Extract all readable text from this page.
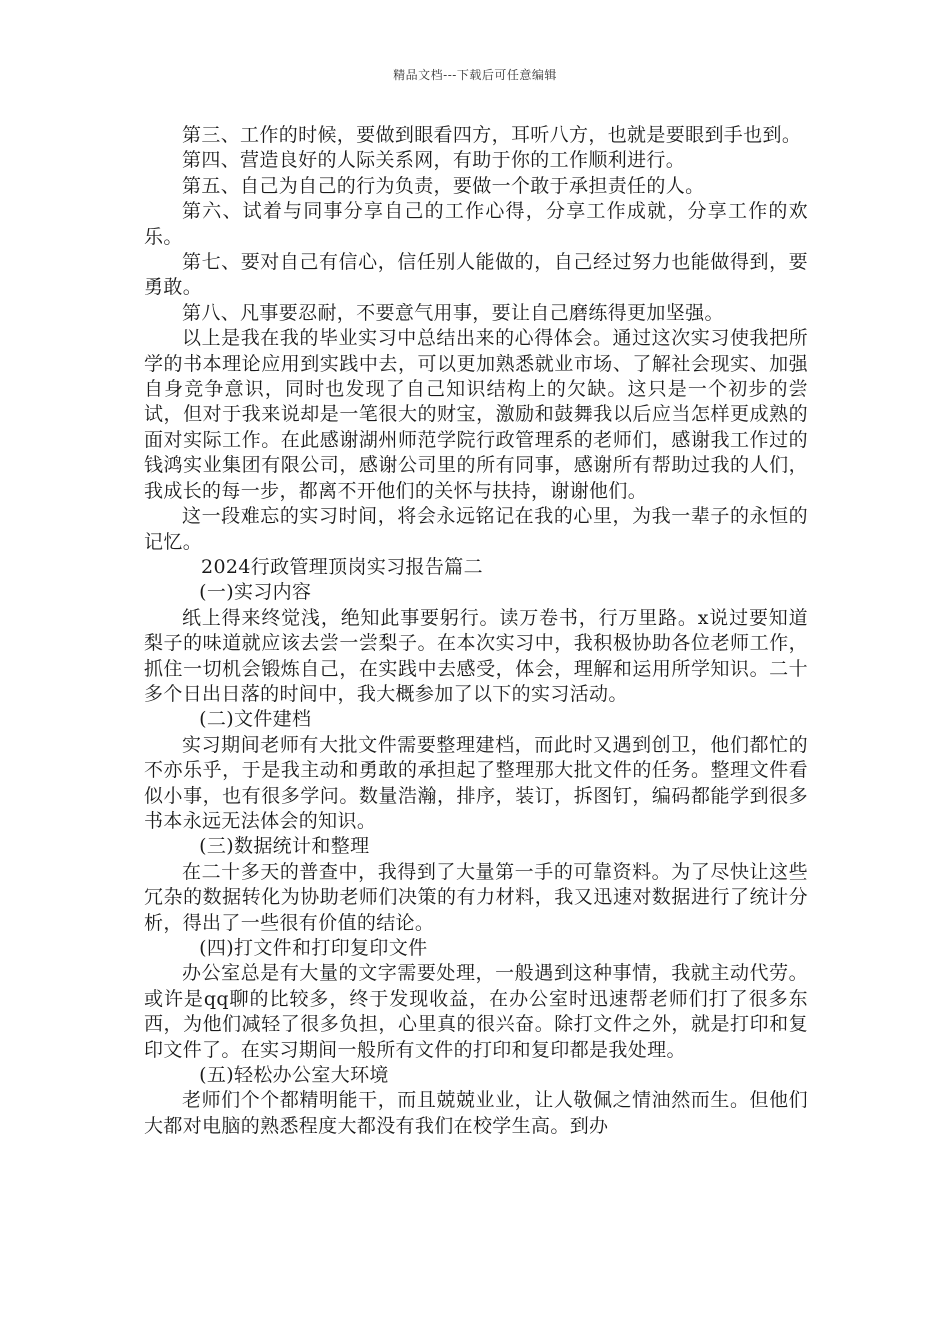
精品文档---下载后可任意编辑

第三、工作的时候，要做到眼看四方，耳听八方，也就是要眼到手也到。

第四、营造良好的人际关系网，有助于你的工作顺利进行。

第五、自己为自己的行为负责，要做一个敢于承担责任的人。

第六、试着与同事分享自己的工作心得，分享工作成就，分享工作的欢乐。

第七、要对自己有信心，信任别人能做的，自己经过努力也能做得到，要勇敢。

第八、凡事要忍耐，不要意气用事，要让自己磨练得更加坚强。

以上是我在我的毕业实习中总结出来的心得体会。通过这次实习使我把所学的书本理论应用到实践中去，可以更加熟悉就业市场、了解社会现实、加强自身竞争意识，同时也发现了自己知识结构上的欠缺。这只是一个初步的尝试，但对于我来说却是一笔很大的财宝，激励和鼓舞我以后应当怎样更成熟的面对实际工作。在此感谢湖州师范学院行政管理系的老师们，感谢我工作过的钱鸿实业集团有限公司，感谢公司里的所有同事，感谢所有帮助过我的人们，我成长的每一步，都离不开他们的关怀与扶持，谢谢他们。

这一段难忘的实习时间，将会永远铭记在我的心里，为我一辈子的永恒的记忆。

2024行政管理顶岗实习报告篇二

(一)实习内容

纸上得来终觉浅，绝知此事要躬行。读万卷书，行万里路。x说过要知道梨子的味道就应该去尝一尝梨子。在本次实习中，我积极协助各位老师工作，抓住一切机会锻炼自己，在实践中去感受，体会，理解和运用所学知识。二十多个日出日落的时间中，我大概参加了以下的实习活动。

(二)文件建档

实习期间老师有大批文件需要整理建档，而此时又遇到创卫，他们都忙的不亦乐乎，于是我主动和勇敢的承担起了整理那大批文件的任务。整理文件看似小事，也有很多学问。数量浩瀚，排序，装订，拆图钉，编码都能学到很多书本永远无法体会的知识。

(三)数据统计和整理

在二十多天的普查中，我得到了大量第一手的可靠资料。为了尽快让这些冗杂的数据转化为协助老师们决策的有力材料，我又迅速对数据进行了统计分析，得出了一些很有价值的结论。

(四)打文件和打印复印文件

办公室总是有大量的文字需要处理，一般遇到这种事情，我就主动代劳。或许是qq聊的比较多，终于发现收益，在办公室时迅速帮老师们打了很多东西，为他们减轻了很多负担，心里真的很兴奋。除打文件之外，就是打印和复印文件了。在实习期间一般所有文件的打印和复印都是我处理。

(五)轻松办公室大环境

老师们个个都精明能干，而且兢兢业业，让人敬佩之情油然而生。但他们大都对电脑的熟悉程度大都没有我们在校学生高。到办
